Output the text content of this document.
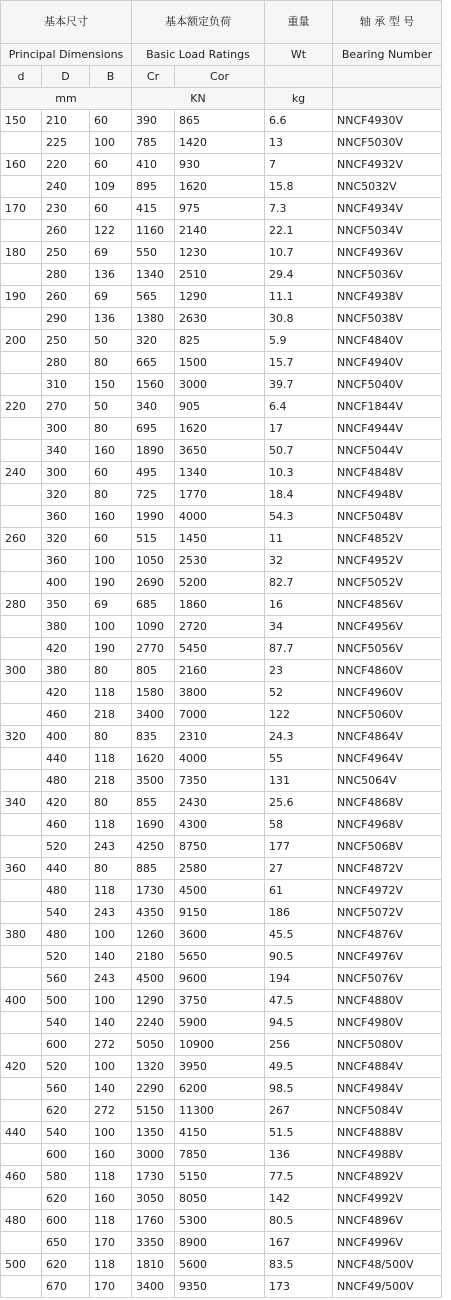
基本尺寸			基本额定负荷		重量	轴 承 型 号
Principal Dimensions			Basic Load Ratings		Wt	Bearing Number
d	D	B	Cr	Cor		
mm			KN		kg	
150	210	60	390	865	6.6	NNCF4930V
	225	100	785	1420	13	NNCF5030V
160	220	60	410	930	7	NNCF4932V
	240	109	895	1620	15.8	NNC5032V
170	230	60	415	975	7.3	NNCF4934V
	260	122	1160	2140	22.1	NNCF5034V
180	250	69	550	1230	10.7	NNCF4936V
	280	136	1340	2510	29.4	NNCF5036V
190	260	69	565	1290	11.1	NNCF4938V
	290	136	1380	2630	30.8	NNCF5038V
200	250	50	320	825	5.9	NNCF4840V
	280	80	665	1500	15.7	NNCF4940V
	310	150	1560	3000	39.7	NNCF5040V
220	270	50	340	905	6.4	NNCF1844V
	300	80	695	1620	17	NNCF4944V
	340	160	1890	3650	50.7	NNCF5044V
240	300	60	495	1340	10.3	NNCF4848V
	320	80	725	1770	18.4	NNCF4948V
	360	160	1990	4000	54.3	NNCF5048V
260	320	60	515	1450	11	NNCF4852V
	360	100	1050	2530	32	NNCF4952V
	400	190	2690	5200	82.7	NNCF5052V
280	350	69	685	1860	16	NNCF4856V
	380	100	1090	2720	34	NNCF4956V
	420	190	2770	5450	87.7	NNCF5056V
300	380	80	805	2160	23	NNCF4860V
	420	118	1580	3800	52	NNCF4960V
	460	218	3400	7000	122	NNCF5060V
320	400	80	835	2310	24.3	NNCF4864V
	440	118	1620	4000	55	NNCF4964V
	480	218	3500	7350	131	NNC5064V
340	420	80	855	2430	25.6	NNCF4868V
	460	118	1690	4300	58	NNCF4968V
	520	243	4250	8750	177	NNCF5068V
360	440	80	885	2580	27	NNCF4872V
	480	118	1730	4500	61	NNCF4972V
	540	243	4350	9150	186	NNCF5072V
380	480	100	1260	3600	45.5	NNCF4876V
	520	140	2180	5650	90.5	NNCF4976V
	560	243	4500	9600	194	NNCF5076V
400	500	100	1290	3750	47.5	NNCF4880V
	540	140	2240	5900	94.5	NNCF4980V
	600	272	5050	10900	256	NNCF5080V
420	520	100	1320	3950	49.5	NNCF4884V
	560	140	2290	6200	98.5	NNCF4984V
	620	272	5150	11300	267	NNCF5084V
440	540	100	1350	4150	51.5	NNCF4888V
	600	160	3000	7850	136	NNCF4988V
460	580	118	1730	5150	77.5	NNCF4892V
	620	160	3050	8050	142	NNCF4992V
480	600	118	1760	5300	80.5	NNCF4896V
	650	170	3350	8900	167	NNCF4996V
500	620	118	1810	5600	83.5	NNCF48/500V
	670	170	3400	9350	173	NNCF49/500V
